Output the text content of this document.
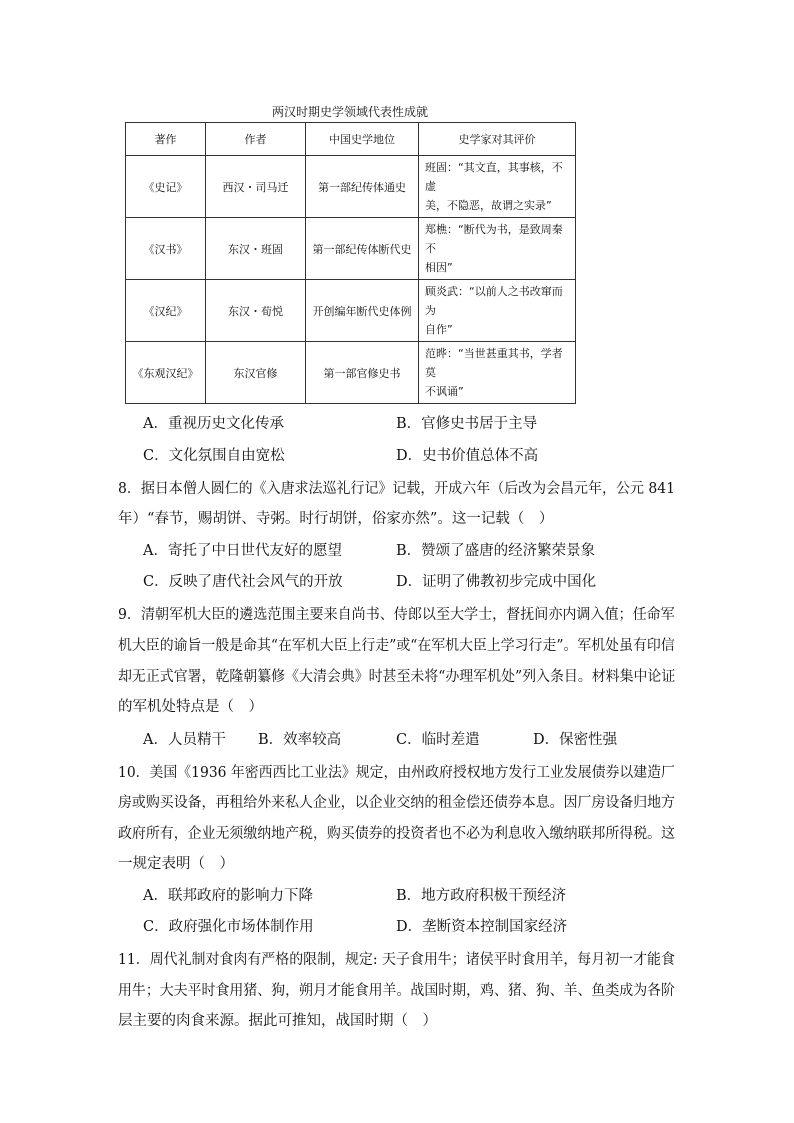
两汉时期史学领域代表性成就
著作	作者	中国史学地位	史学家对其评价
《史记》	西汉・司马迁	第一部纪传体通史	班固：“其文直，其事核，不虚
美，不隐恶，故谓之实录”
《汉书》	东汉・班固	第一部纪传体断代史	郑樵：“断代为书，是致周秦不
相因”
《汉纪》	东汉・荀悦	开创编年断代史体例	顾炎武：“以前人之书改窜而为
自作”
《东观汉纪》	东汉官修	第一部官修史书	范晔：“当世甚重其书，学者莫
不讽诵”
A．重视历史文化传承	B．官修史书居于主导
C．文化氛围自由宽松	D．史书价值总体不高
8．据日本僧人圆仁的《入唐求法巡礼行记》记载，开成六年（后改为会昌元年，公元 841
年）“春节，赐胡饼、寺粥。时行胡饼，俗家亦然”。这一记载（　）
A．寄托了中日世代友好的愿望	B．赞颂了盛唐的经济繁荣景象
C．反映了唐代社会风气的开放	D．证明了佛教初步完成中国化
9．清朝军机大臣的遴选范围主要来自尚书、侍郎以至大学士，督抚间亦内调入值；任命军
机大臣的谕旨一般是命其“在军机大臣上行走”或“在军机大臣上学习行走”。军机处虽有印信
却无正式官署，乾隆朝纂修《大清会典》时甚至未将“办理军机处”列入条目。材料集中论证
的军机处特点是（　）
A．人员精干 B．效率较高	C．临时差遣	D．保密性强
10．美国《1936 年密西西比工业法》规定，由州政府授权地方发行工业发展债券以建造厂
房或购买设备，再租给外来私人企业，以企业交纳的租金偿还债券本息。因厂房设备归地方
政府所有，企业无须缴纳地产税，购买债券的投资者也不必为利息收入缴纳联邦所得税。这
一规定表明（　）
A．联邦政府的影响力下降	B．地方政府积极干预经济
C．政府强化市场体制作用	D．垄断资本控制国家经济
11．周代礼制对食肉有严格的限制，规定: 天子食用牛；诸侯平时食用羊，每月初一才能食
用牛；大夫平时食用猪、狗，朔月才能食用羊。战国时期，鸡、猪、狗、羊、鱼类成为各阶
层主要的肉食来源。据此可推知，战国时期（　）
